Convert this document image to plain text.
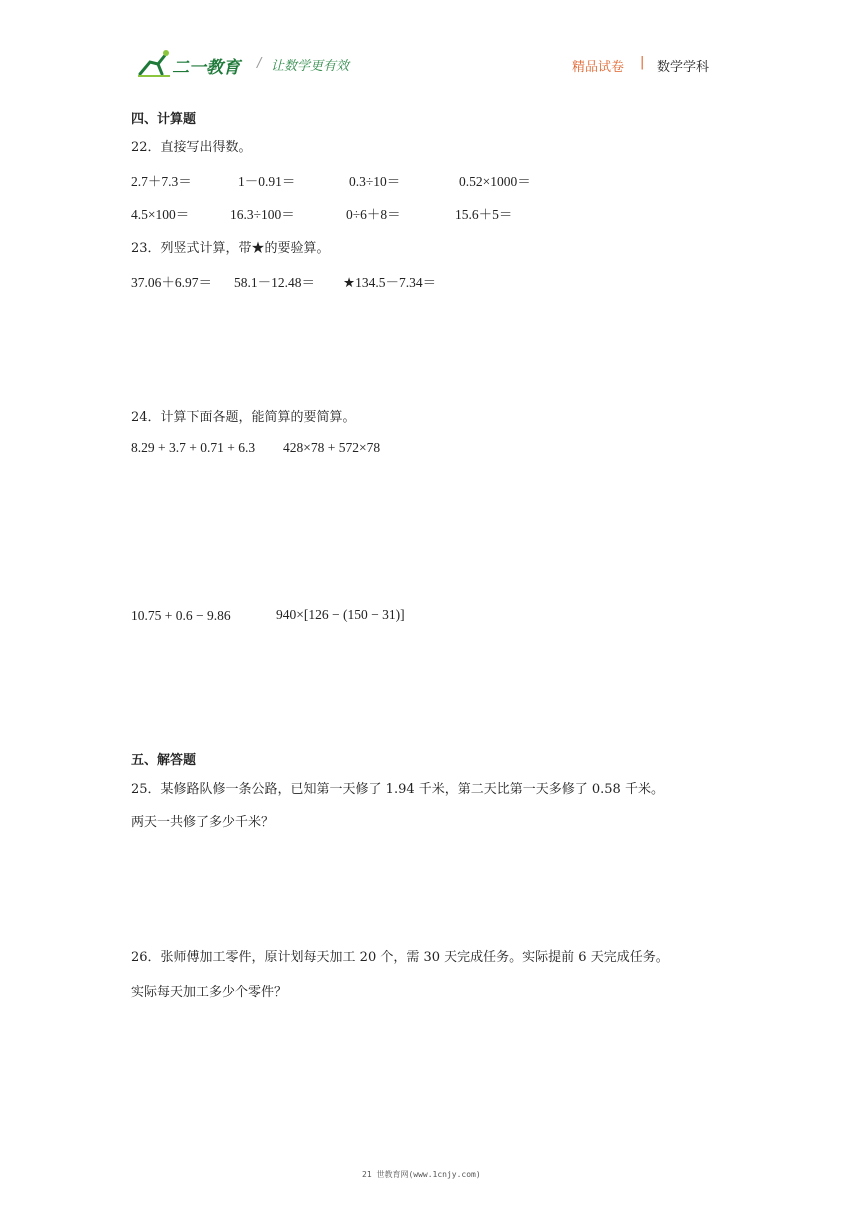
二一教育 / 让数学更有效	精品试卷 | 数学学科
四、计算题
22．直接写出得数。
2.7＋7.3＝	1－0.91＝	0.3÷10＝	0.52×1000＝
4.5×100＝	16.3÷100＝	0÷6＋8＝	15.6＋5＝
23．列竖式计算，带★的要验算。
37.06＋6.97＝ 58.1－12.48＝ ★134.5－7.34＝
24．计算下面各题，能简算的要简算。
8.29 + 3.7 + 0.71 + 6.3 428×78 + 572×78
10.75 + 0.6 − 9.86	940×[126 − (150 − 31)]
五、解答题
25．某修路队修一条公路，已知第一天修了 1.94 千米，第二天比第一天多修了 0.58 千米。
两天一共修了多少千米？
26．张师傅加工零件，原计划每天加工 20 个，需 30 天完成任务。实际提前 6 天完成任务。
实际每天加工多少个零件？
21 世教育网(www.1cnjy.com)
